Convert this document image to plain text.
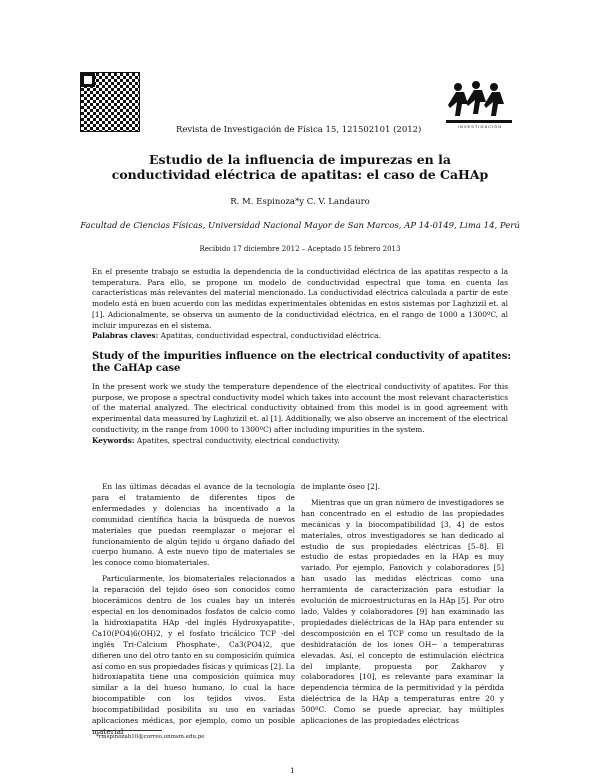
Revista de Investigación de Física 15, 121502101 (2012)	INVESTIGACIÓN
Estudio de la influencia de impurezas en la conductividad eléctrica de apatitas: el caso de CaHAp
R. M. Espinoza*y C. V. Landauro
Facultad de Ciencias Físicas, Universidad Nacional Mayor de San Marcos, AP 14-0149, Lima 14, Perú
Recibido 17 diciembre 2012 – Aceptado 15 febrero 2013
En el presente trabajo se estudia la dependencia de la conductividad eléctrica de las apatitas respecto a la temperatura. Para ello, se propone un modelo de conductividad espectral que toma en cuenta las características más relevantes del material mencionado. La conductividad eléctrica calculada a partir de este modelo está en buen acuerdo con las medidas experimentales obtenidas en estos sistemas por Laghzizil et. al [1]. Adicionalmente, se observa un aumento de la conductividad eléctrica, en el rango de 1000 a 1300ºC, al incluir impurezas en el sistema.
Palabras claves: Apatitas, conductividad espectral, conductividad eléctrica.
Study of the impurities influence on the electrical conductivity of apatites: the CaHAp case
In the present work we study the temperature dependence of the electrical conductivity of apatites. For this purpose, we propose a spectral conductivity model which takes into account the most relevant characteristics of the material analyzed. The electrical conductivity obtained from this model is in good agreement with experimental data measured by Laghzizil et. al [1]. Additionally, we also observe an increment of the electrical conductivity, in the range from 1000 to 1300ºC) after including impurities in the system.
Keywords: Apatites, spectral conductivity, electrical conductivity.

En las últimas décadas el avance de la tecnología para el tratamiento de diferentes tipos de enfermedades y dolencias ha incentivado a la comunidad científica hacia la búsqueda de nuevos materiales que puedan reemplazar o mejorar el funcionamiento de algún tejido u órgano dañado del cuerpo humano. A este nuevo tipo de materiales se les conoce como biomateriales.

Particularmente, los biomateriales relacionados a la reparación del tejido óseo son conocidos como biocerámicos dentro de los cuales hay un interés especial en los denominados fosfatos de calcio como la hidroxiapatita HAp -del inglés Hydroxyapatite-, Ca10(PO4)6(OH)2, y el fosfato tricálcico TCP -del inglés Tri-Calcium Phosphate-, Ca3(PO4)2, que difieren uno del otro tanto en su composición química así como en sus propiedades físicas y químicas [2]. La hidroxiapatita tiene una composición química muy similar a la del hueso humano, lo cual la hace biocompatible con los tejidos vivos. Esta biocompatibilidad posibilita su uso en variadas aplicaciones médicas, por ejemplo, como un posible material

de implante óseo [2].

Mientras que un gran número de investigadores se han concentrado en el estudio de las propiedades mecánicas y la biocompatibilidad [3, 4] de estos materiales, otros investigadores se han dedicado al estudio de sus propiedades eléctricas [5–8]. El estudio de estas propiedades en la HAp es muy variado. Por ejemplo, Fanovich y colaboradores [5] han usado las medidas eléctricas como una herramienta de caracterización para estudiar la evolución de microestructuras en la HAp [5]. Por otro lado, Valdes y colaboradores [9] han examinado las propiedades dieléctricas de la HAp para entender su descomposición en el TCP como un resultado de la deshidratación de los iones OH− a temperaturas elevadas. Así, el concepto de estimulación eléctrica del implante, propuesta por Zakharov y colaboradores [10], es relevante para examinar la dependencia térmica de la permitividad y la pérdida dieléctrica de la HAp a temperaturas entre 20 y 500ºC. Como se puede apreciar, hay múltiples aplicaciones de las propiedades eléctricas

*rmspinozah10@correo.unmsm.edu.pe
1
